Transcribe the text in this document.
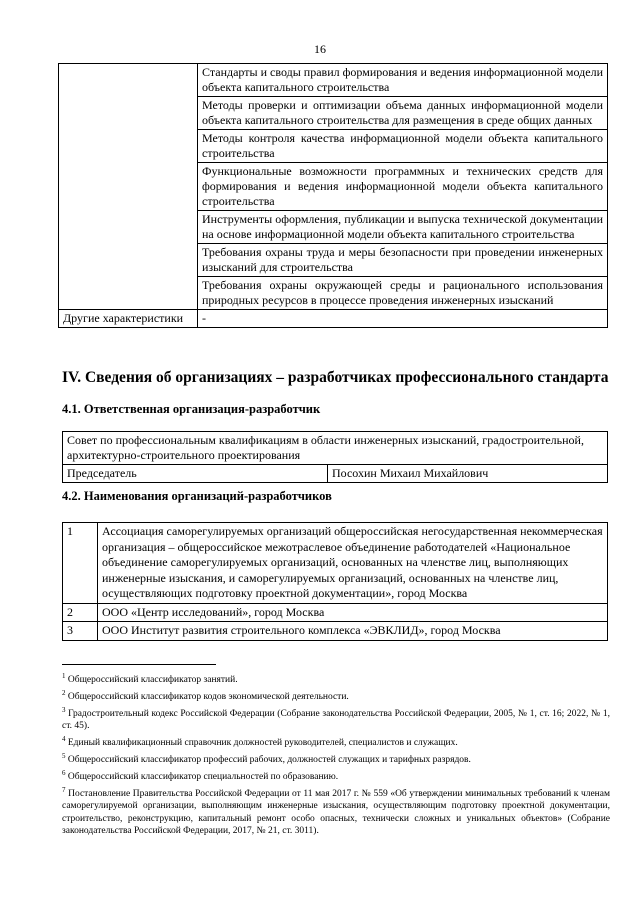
16
	Стандарты и своды правил формирования и ведения информационной модели объекта капитального строительства
	Методы проверки и оптимизации объема данных информационной модели объекта капитального строительства для размещения в среде общих данных
	Методы контроля качества информационной модели объекта капитального строительства
	Функциональные возможности программных и технических средств для формирования и ведения информационной модели объекта капитального строительства
	Инструменты оформления, публикации и выпуска технической документации на основе информационной модели объекта капитального строительства
	Требования охраны труда и меры безопасности при проведении инженерных изысканий для строительства
	Требования охраны окружающей среды и рационального использования природных ресурсов в процессе проведения инженерных изысканий
Другие характеристики	-
IV. Сведения об организациях – разработчиках профессионального стандарта
4.1. Ответственная организация-разработчик
Совет по профессиональным квалификациям в области инженерных изысканий, градостроительной, архитектурно-строительного проектирования
Председатель	Посохин Михаил Михайлович
4.2. Наименования организаций-разработчиков
1	Ассоциация саморегулируемых организаций общероссийская негосударственная некоммерческая организация – общероссийское межотраслевое объединение работодателей «Национальное объединение саморегулируемых организаций, основанных на членстве лиц, выполняющих инженерные изыскания, и саморегулируемых организаций, основанных на членстве лиц, осуществляющих подготовку проектной документации», город Москва
2	ООО «Центр исследований», город Москва
3	ООО Институт развития строительного комплекса «ЭВКЛИД», город Москва

$^1$ Общероссийский классификатор занятий.

$^2$ Общероссийский классификатор кодов экономической деятельности.

$^3$ Градостроительный кодекс Российской Федерации (Собрание законодательства Российской Федерации, 2005, № 1, ст. 16; 2022, № 1, ст. 45).

$^4$ Единый квалификационный справочник должностей руководителей, специалистов и служащих.

$^5$ Общероссийский классификатор профессий рабочих, должностей служащих и тарифных разрядов.

$^6$ Общероссийский классификатор специальностей по образованию.

$^7$ Постановление Правительства Российской Федерации от 11 мая 2017 г. № 559 «Об утверждении минимальных требований к членам саморегулируемой организации, выполняющим инженерные изыскания, осуществляющим подготовку проектной документации, строительство, реконструкцию, капитальный ремонт особо опасных, технически сложных и уникальных объектов» (Собрание законодательства Российской Федерации, 2017, № 21, ст. 3011).
